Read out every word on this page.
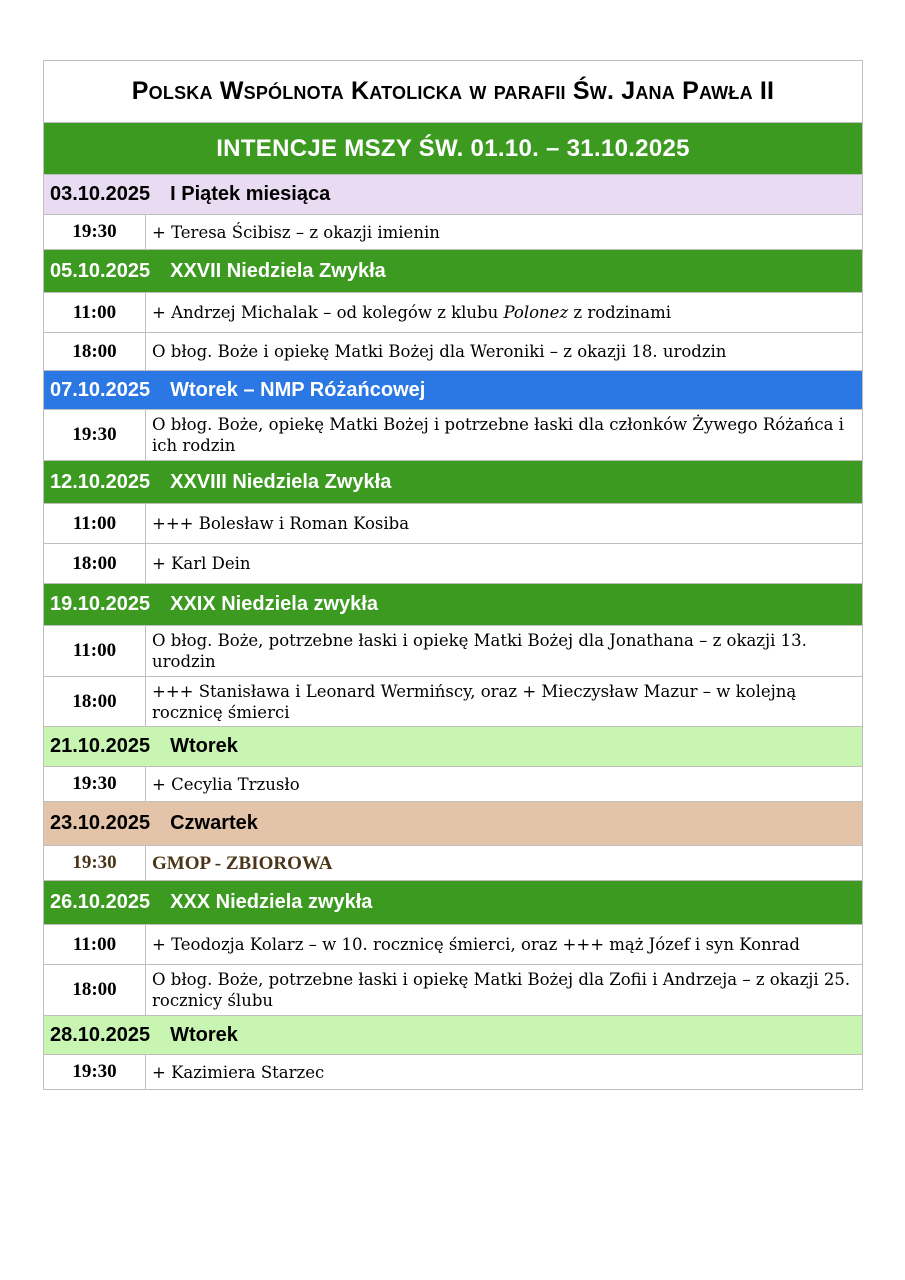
Polska Wspólnota Katolicka w parafii Św. Jana Pawła II	
INTENCJE MSZY ŚW. 01.10. – 31.10.2025	
03.10.2025 I Piątek miesiąca	
19:30	+ Teresa Ścibisz – z okazji imienin
05.10.2025 XXVII Niedziela Zwykła	
11:00	+ Andrzej Michalak – od kolegów z klubu Polonez z rodzinami
18:00	O błog. Boże i opiekę Matki Bożej dla Weroniki – z okazji 18. urodzin
07.10.2025 Wtorek – NMP Różańcowej	
19:30	O błog. Boże, opiekę Matki Bożej i potrzebne łaski dla członków Żywego Różańca i ich rodzin
12.10.2025 XXVIII Niedziela Zwykła	
11:00	+++ Bolesław i Roman Kosiba
18:00	+ Karl Dein
19.10.2025 XXIX Niedziela zwykła	
11:00	O błog. Boże, potrzebne łaski i opiekę Matki Bożej dla Jonathana – z okazji 13. urodzin
18:00	+++ Stanisława i Leonard Wermińscy, oraz + Mieczysław Mazur – w kolejną rocznicę śmierci
21.10.2025 Wtorek	
19:30	+ Cecylia Trzusło
23.10.2025 Czwartek	
19:30	GMOP - ZBIOROWA
26.10.2025 XXX Niedziela zwykła	
11:00	+ Teodozja Kolarz – w 10. rocznicę śmierci, oraz +++ mąż Józef i syn Konrad
18:00	O błog. Boże, potrzebne łaski i opiekę Matki Bożej dla Zofii i Andrzeja – z okazji 25. rocznicy ślubu
28.10.2025 Wtorek	
19:30	+ Kazimiera Starzec
